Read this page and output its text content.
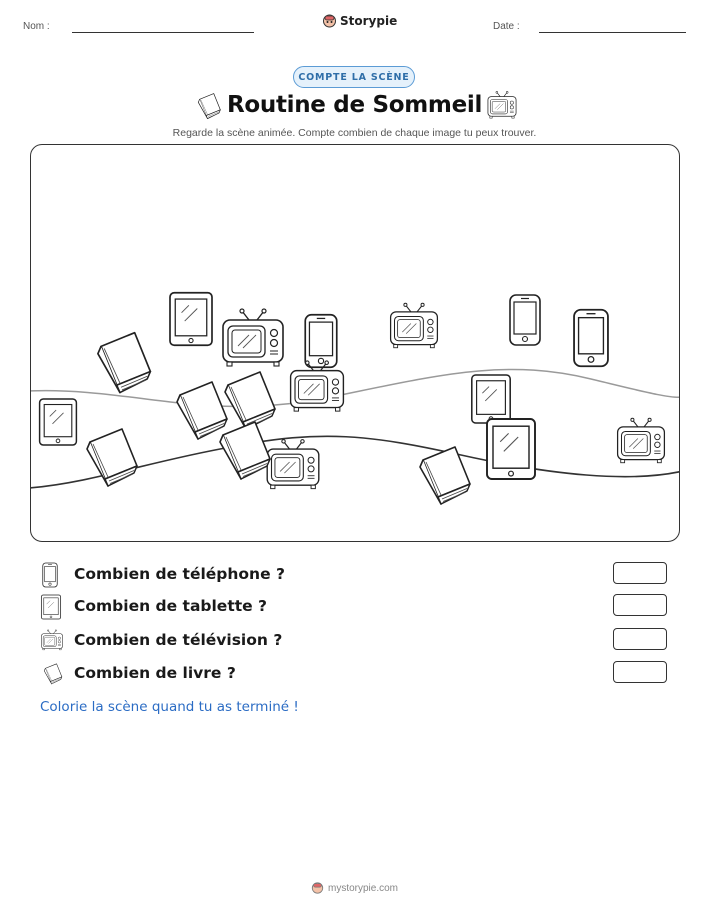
Nom :	Storypie	Date :
COMPTE LA SCÈNE
Routine de Sommeil
Regarde la scène animée. Compte combien de chaque image tu peux trouver.
Combien de téléphone ?
Combien de tablette ?
Combien de télévision ?
Combien de livre ?
Colorie la scène quand tu as terminé !
mystorypie.com
